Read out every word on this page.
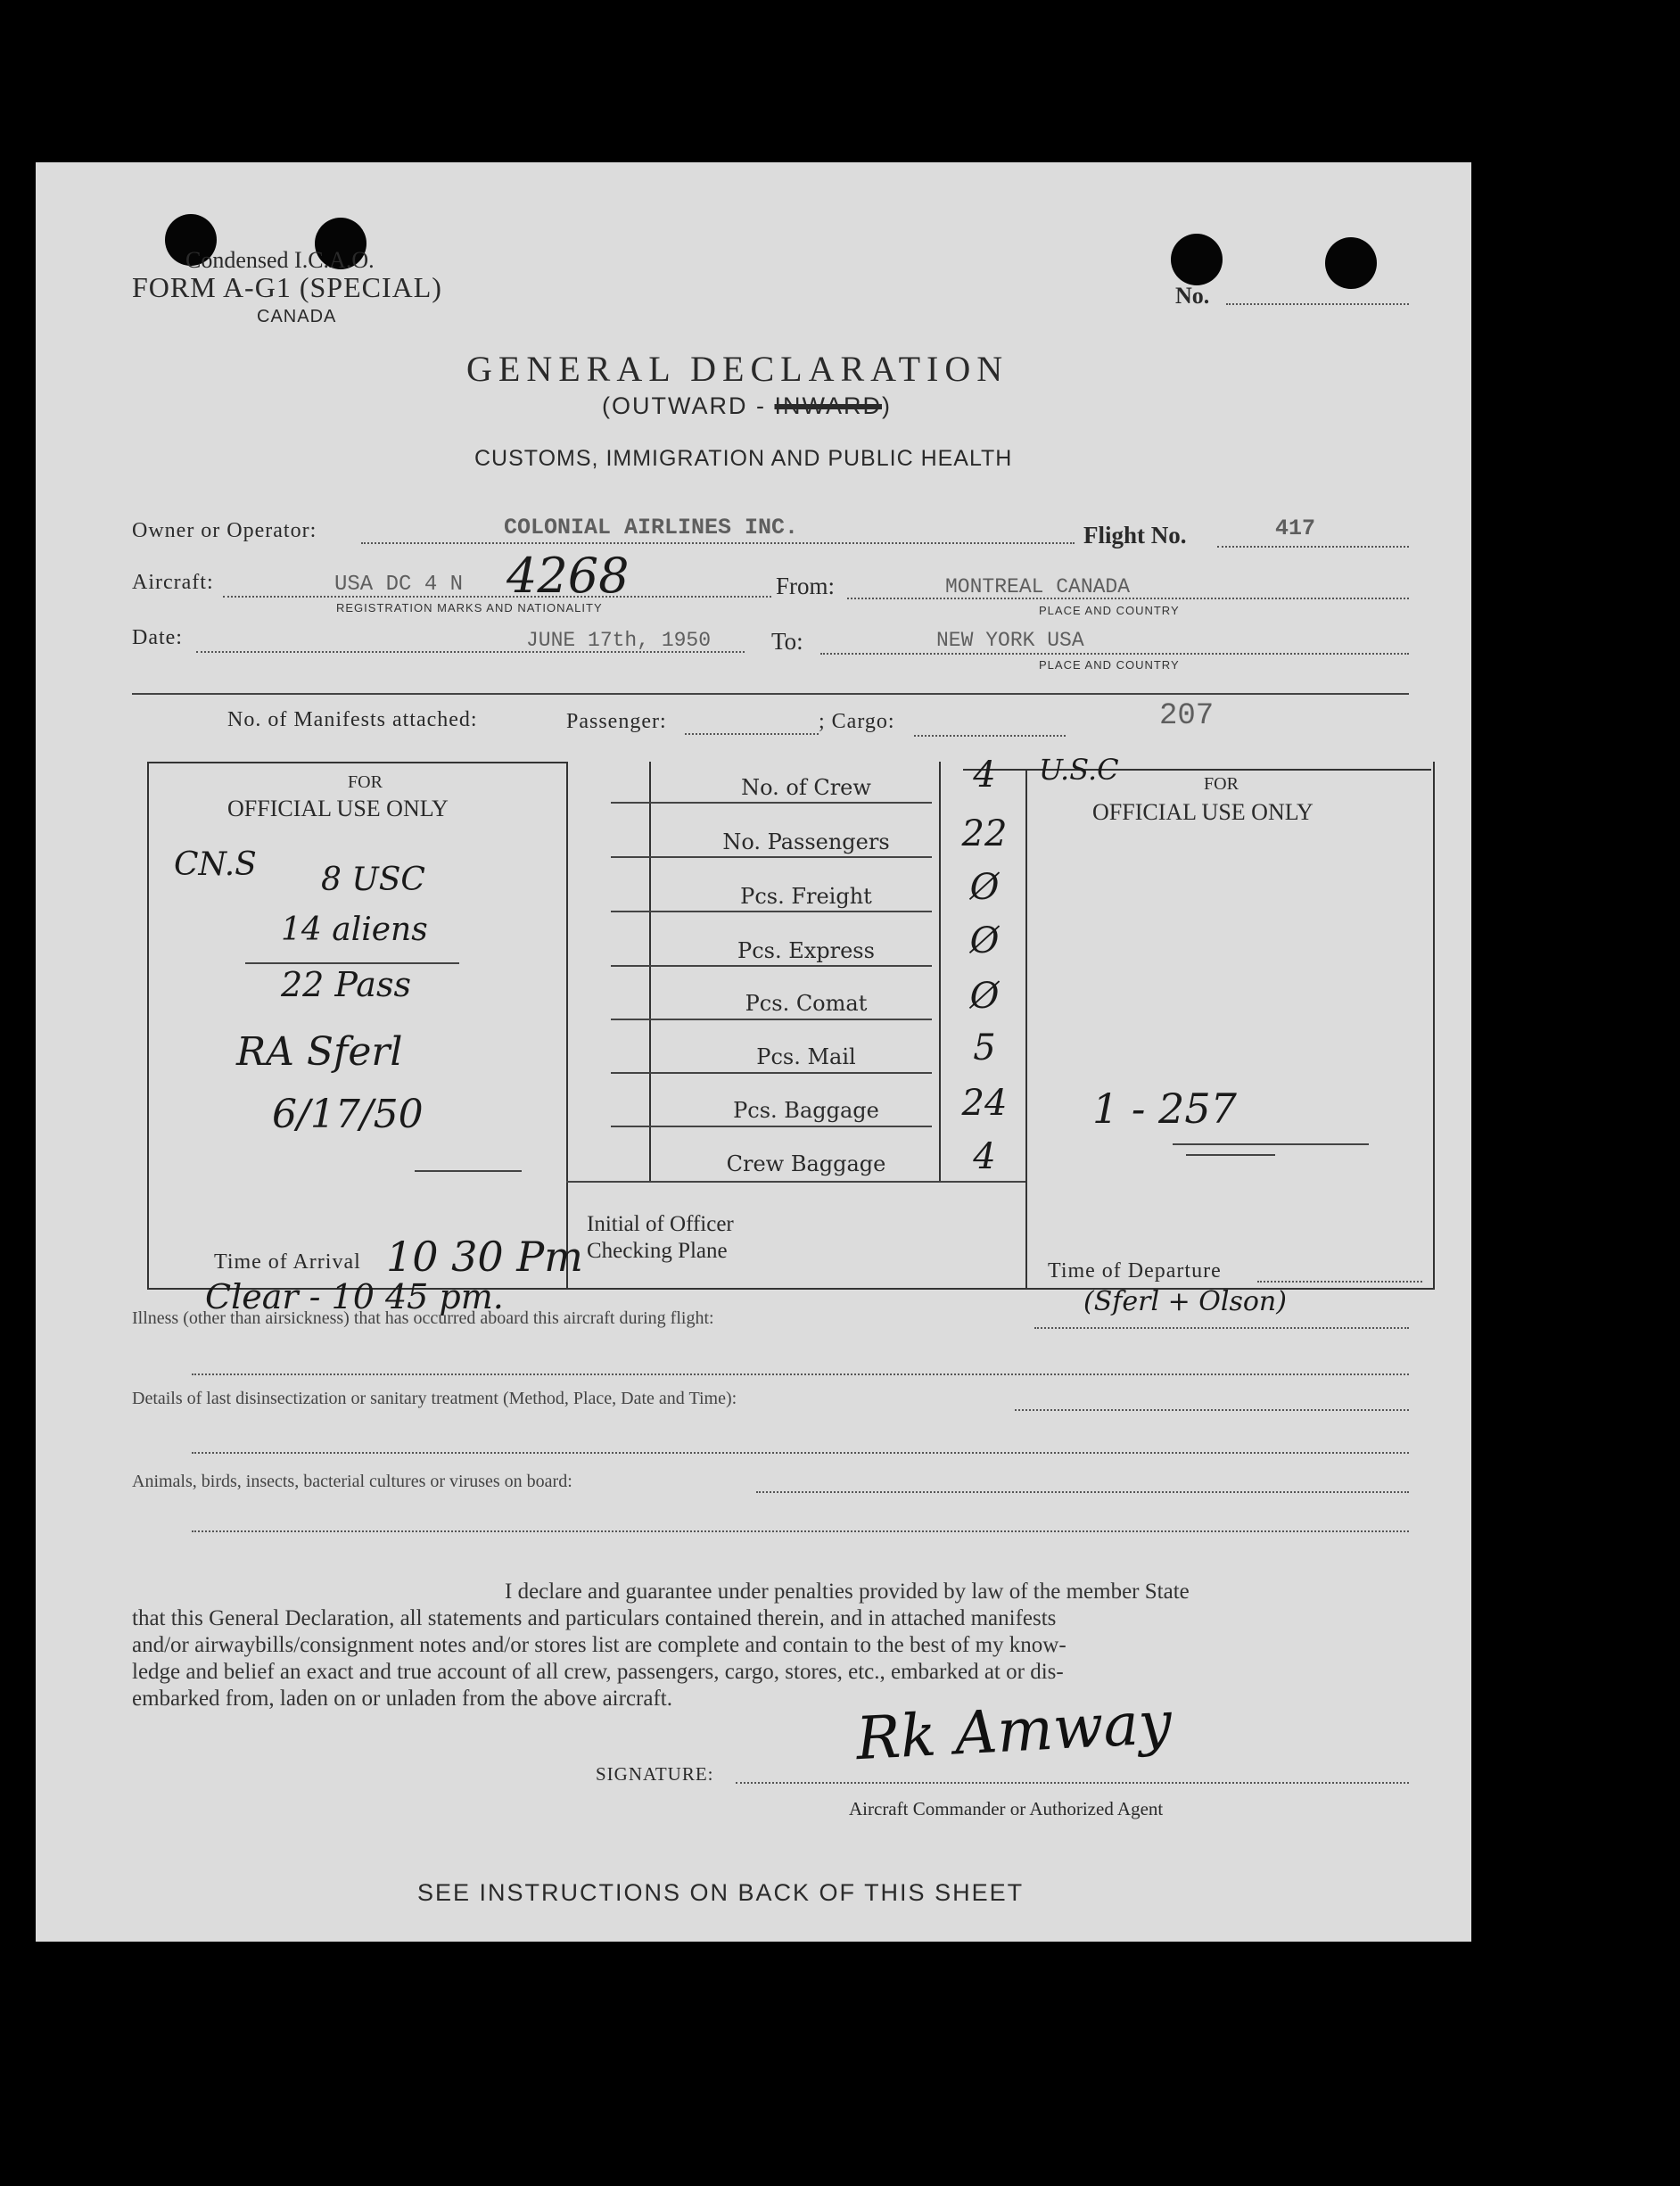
Condensed I.C.A.O.
FORM A-G1 (SPECIAL)
CANADA
No.
GENERAL DECLARATION
(OUTWARD - INWARD)
CUSTOMS, IMMIGRATION AND PUBLIC HEALTH
Owner or Operator:	COLONIAL AIRLINES INC.	Flight No.	417
Aircraft:	USA DC 4 N 4268
REGISTRATION MARKS AND NATIONALITY
From:	MONTREAL CANADA
PLACE AND COUNTRY
Date:	JUNE 17th, 1950	To:	NEW YORK USA
PLACE AND COUNTRY
No. of Manifests attached:	Passenger:	; Cargo:	207
FOR
OFFICIAL USE ONLY
CN.S 8 USC
14 aliens
22 Pass
RA Sferl
6/17/50
Time of Arrival 10 30 Pm
No. of Crew	4
No. Passengers	22
Pcs. Freight	Ø
Pcs. Express	Ø
Pcs. Comat	Ø
Pcs. Mail	5
Pcs. Baggage	24
Crew Baggage	4
Initial of Officer
Checking Plane
U.S.C	FOR
OFFICIAL USE ONLY
1 - 257
Time of Departure
Clear - 10 45 pm.
Illness (other than airsickness) that has occurred aboard this aircraft during flight:
(Sferl + Olson)
Details of last disinsectization or sanitary treatment (Method, Place, Date and Time):
Animals, birds, insects, bacterial cultures or viruses on board:
I declare and guarantee under penalties provided by law of the member State
that this General Declaration, all statements and particulars contained therein, and in attached manifests
and/or airwaybills/consignment notes and/or stores list are complete and contain to the best of my know-
ledge and belief an exact and true account of all crew, passengers, cargo, stores, etc., embarked at or dis-
embarked from, laden on or unladen from the above aircraft.	Rk Amway
SIGNATURE:
Aircraft Commander or Authorized Agent
SEE INSTRUCTIONS ON BACK OF THIS SHEET
